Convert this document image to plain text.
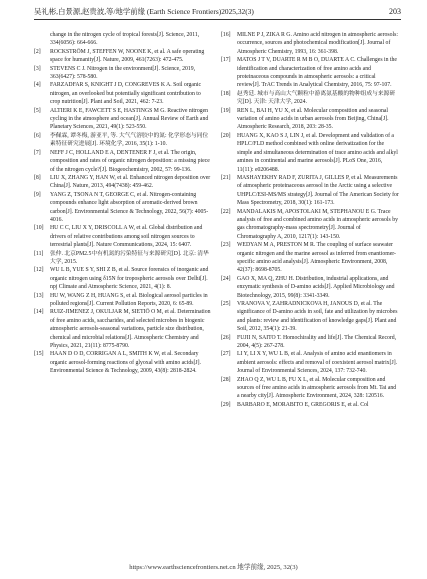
吴礼彬,白景源,赵贵波,等/地学前缘 (Earth Science Frontiers)2025,32(3)	203
change in the nitrogen cycle of tropical forests[J]. Science, 2011, 334(6056): 664-666.
[2] ROCKSTRÖM J, STEFFEN W, NOONE K, et al. A safe operating space for humanity[J]. Nature, 2009, 461(7263): 472-475.
[3] STEVENS C J. Nitrogen in the environment[J]. Science, 2019, 363(6427): 578-580.
[4] FARZADFAR S, KNIGHT J D, CONGREVES K A. Soil organic nitrogen, an overlooked but potentially significant contribution to crop nutrition[J]. Plant and Soil, 2021, 462: 7-23.
[5] ALTIERI K E, FAWCETT S E, HASTINGS M G. Reactive nitrogen cycling in the atmosphere and ocean[J]. Annual Review of Earth and Planetary Sciences, 2021, 49(1): 523-550.
[6] 李佩霖, 谭冬梅, 游亚平, 等. 大气气溶胶中的氮: 化学形态与同位素特征研究进展[J]. 环境化学, 2016, 35(1): 1-10.
[7] NEFF J C, HOLLAND E A, DENTENER F J, et al. The origin, composition and rates of organic nitrogen deposition: a missing piece of the nitrogen cycle?[J]. Biogeochemistry, 2002, 57: 99-136.
[8] LIU X, ZHANG Y, HAN W, et al. Enhanced nitrogen deposition over China[J]. Nature, 2013, 494(7438): 459-462.
[9] YANG Z, TSONA N T, GEORGE C, et al. Nitrogen-containing compounds enhance light absorption of aromatic-derived brown carbon[J]. Environmental Science & Technology, 2022, 56(7): 4005-4016.
[10] HU C C, LIU X Y, DRISCOLL A W, et al. Global distribution and drivers of relative contributions among soil nitrogen sources to terrestrial plants[J]. Nature Communications, 2024, 15: 6407.
[11] 张仲. 北京PM2.5中有机氮的污染特征与来源研究[D]. 北京: 清华大学, 2015.
[12] WU L B, YUE S Y, SHI Z B, et al. Source forensics of inorganic and organic nitrogen using δ15N for tropospheric aerosols over Delhi[J]. npj Climate and Atmospheric Science, 2021, 4(1): 8.
[13] HU W, WANG Z H, HUANG S, et al. Biological aerosol particles in polluted regions[J]. Current Pollution Reports, 2020, 6: 65-89.
[14] RUIZ-JIMENEZ J, OKULJAR M, SIETIÖ O M, et al. Determination of free amino acids, saccharides, and selected microbes in biogenic atmospheric aerosols-seasonal variations, particle size distribution, chemical and microbial relations[J]. Atmospheric Chemistry and Physics, 2021, 21(11): 8775-8790.
[15] HAAN D O D, CORRIGAN A L, SMITH K W, et al. Secondary organic aerosol-forming reactions of glyoxal with amino acids[J]. Environmental Science & Technology, 2009, 43(8): 2818-2824.
[16] MILNE P J, ZIKA R G. Amino acid nitrogen in atmospheric aerosols: occurrence, sources and photochemical modification[J]. Journal of Atmospheric Chemistry, 1993, 16: 361-398.
[17] MATOS J T V, DUARTE R M B O, DUARTE A C. Challenges in the identification and characterization of free amino acids and proteinaceous compounds in atmospheric aerosols: a critical review[J]. TrAC Trends in Analytical Chemistry, 2016, 75: 97-107.
[18] 赵秀廷. 城市与高山大气颗粒中游离氨基酸的物种组成与来源研究[D]. 天津: 天津大学, 2024.
[19] REN L, BAI H, YU X, et al. Molecular composition and seasonal variation of amino acids in urban aerosols from Beijing, China[J]. Atmospheric Research, 2018, 203: 28-35.
[20] HUANG X, KAO S J, LIN J, et al. Development and validation of a HPLC/FLD method combined with online derivatization for the simple and simultaneous determination of trace amino acids and alkyl amines in continental and marine aerosols[J]. PLoS One, 2016, 11(11): e0206488.
[21] MASHAYEKHY RAD F, ZURITA J, GILLES P, et al. Measurements of atmospheric proteinaceous aerosol in the Arctic using a selective UHPLC/ESI-MS/MS strategy[J]. Journal of The American Society for Mass Spectrometry, 2018, 30(1): 161-173.
[22] MANDALAKIS M, APOSTOLAKI M, STEPHANOU E G. Trace analysis of free and combined amino acids in atmospheric aerosols by gas chromatography-mass spectrometry[J]. Journal of Chromatography A, 2010, 1217(1): 143-150.
[23] WEDYAN M A, PRESTON M R. The coupling of surface seawater organic nitrogen and the marine aerosol as inferred from enantiomer-specific amino acid analysis[J]. Atmospheric Environment, 2008, 42(37): 8698-8705.
[24] GAO X, MA Q, ZHU H. Distribution, industrial applications, and enzymatic synthesis of D-amino acids[J]. Applied Microbiology and Biotechnology, 2015, 99(8): 3341-3349.
[25] VRANOVA V, ZAHRADNICKOVA H, JANOUS D, et al. The significance of D-amino acids in soil, fate and utilization by microbes and plants: review and identification of knowledge gaps[J]. Plant and Soil, 2012, 354(1): 21-39.
[26] FUJII N, SAITO T. Homochirality and life[J]. The Chemical Record, 2004, 4(5): 267-278.
[27] LI Y, LI X Y, WU L B, et al. Analysis of amino acid enantiomers in ambient aerosols: effects and removal of coexistent aerosol matrix[J]. Journal of Environmental Sciences, 2024, 137: 732-740.
[28] ZHAO Q Z, WU L B, FU X L, et al. Molecular composition and sources of free amino acids in atmospheric aerosols from Mt. Tai and a nearby city[J]. Atmospheric Environment, 2024, 328: 120516.
[29] BARBARO E, MORABITO E, GREGORIS E, et al. Col
https://www.earthsciencefrontiers.net.cn 地学前缘, 2025, 32(3)
